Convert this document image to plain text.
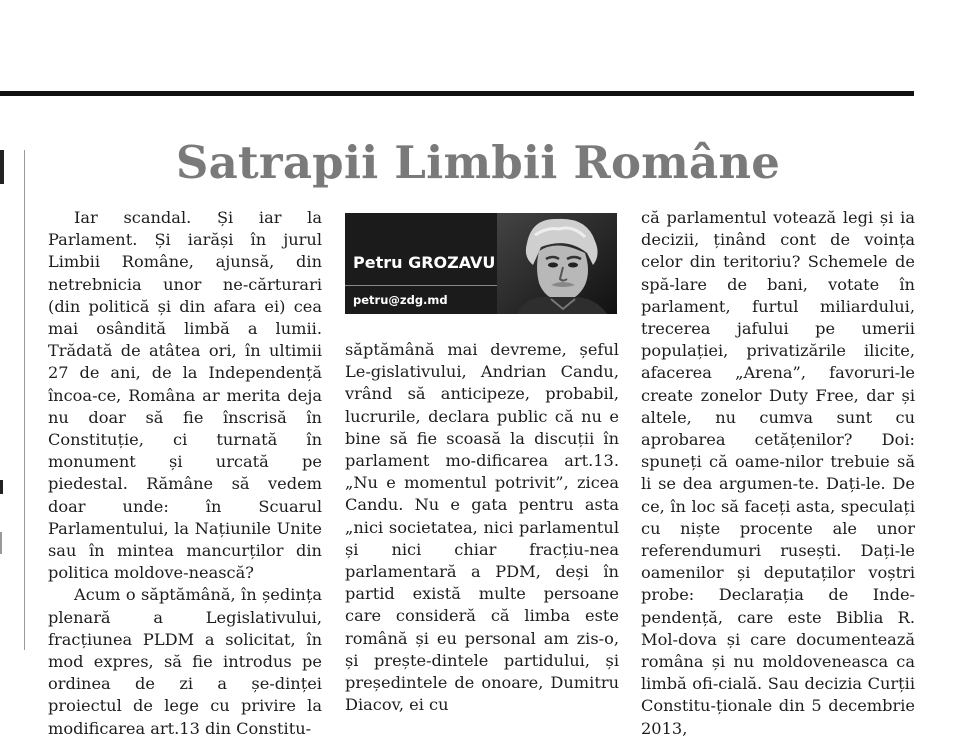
Satrapii Limbii Române

Iar scandal. Și iar la Parlament. Și iarăși în jurul Limbii Române, ajunsă, din netrebnicia unor ne-cărturari (din politică și din afara ei) cea mai osândită limbă a lumii. Trădată de atâtea ori, în ultimii 27 de ani, de la Independență încoa-ce, Româna ar merita deja nu doar să fie înscrisă în Constituție, ci turnată în monument și urcată pe piedestal. Rămâne să vedem doar unde: în Scuarul Parlamentului, la Națiunile Unite sau în mintea mancurților din politica moldove-nească?

Acum o săptămână, în ședința plenară a Legislativului, fracțiunea PLDM a solicitat, în mod expres, să fie introdus pe ordinea de zi a șe-dinței proiectul de lege cu privire la modificarea art.13 din Constitu-

Petru GROZAVU
petru@zdg.md

săptămână mai devreme, șeful Le-gislativului, Andrian Candu, vrând să anticipeze, probabil, lucrurile, declara public că nu e bine să fie scoasă la discuții în parlament mo-dificarea art.13. „Nu e momentul potrivit”, zicea Candu. Nu e gata pentru asta „nici societatea, nici parlamentul și nici chiar fracțiu-nea parlamentară a PDM, deși în partid există multe persoane care consideră că limba este română și eu personal am zis-o, și prește-dintele partidului, și președintele de onoare, Dumitru Diacov, ei cu

că parlamentul votează legi și ia decizii, ținând cont de voința celor din teritoriu? Schemele de spă-lare de bani, votate în parlament, furtul miliardului, trecerea jafului pe umerii populației, privatizările ilicite, afacerea „Arena”, favoruri-le create zonelor Duty Free, dar și altele, nu cumva sunt cu aprobarea cetățenilor? Doi: spuneți că oame-nilor trebuie să li se dea argumen-te. Dați-le. De ce, în loc să faceți asta, speculați cu niște procente ale unor referendumuri rusești. Dați-le oamenilor și deputaților voștri probe: Declarația de Inde-pendență, care este Biblia R. Mol-dova și care documentează româna și nu moldoveneasca ca limbă ofi-cială. Sau decizia Curții Constitu-ționale din 5 decembrie 2013,
